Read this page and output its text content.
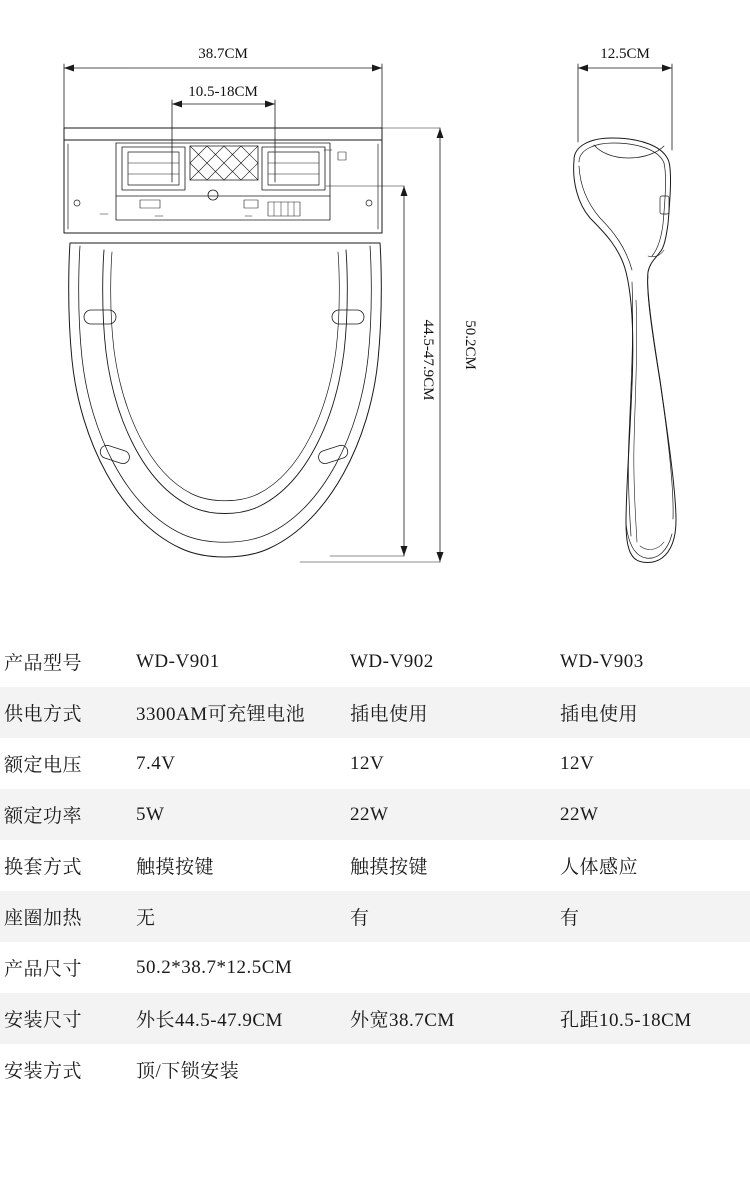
38.7CM
10.5-18CM
12.5CM
50.2CM
44.5-47.9CM
产品型号	WD-V901	WD-V902	WD-V903
供电方式	3300AM可充锂电池	插电使用	插电使用
额定电压	7.4V	12V	12V
额定功率	5W	22W	22W
换套方式	触摸按键	触摸按键	人体感应
座圈加热	无	有	有
产品尺寸	50.2*38.7*12.5CM		
安装尺寸	外长44.5-47.9CM	外宽38.7CM	孔距10.5-18CM
安装方式	顶/下锁安装		
